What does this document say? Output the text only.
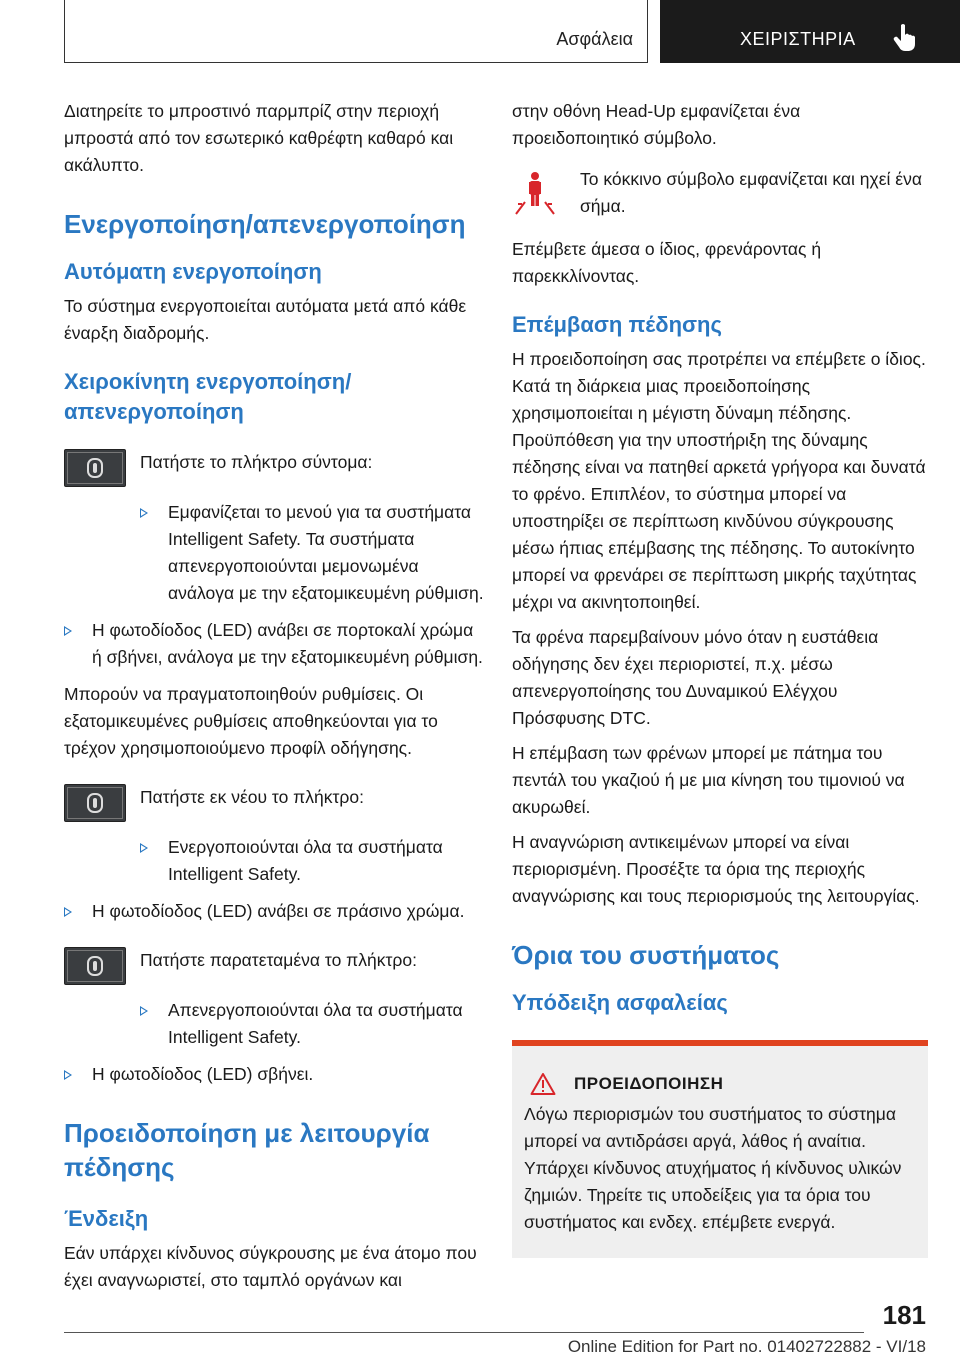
Ασφάλεια	ΧΕΙΡΙΣΤΗΡΙΑ

Διατηρείτε το μπροστινό παρμπρίζ στην περιοχή μπροστά από τον εσωτερικό καθρέφτη καθαρό και ακάλυπτο.

Ενεργοποίηση/απενεργοποίηση
Αυτόματη ενεργοποίηση

Το σύστημα ενεργοποιείται αυτόματα μετά από κάθε έναρξη διαδρομής.

Χειροκίνητη ενεργοποίηση/απενεργοποίηση

Πατήστε το πλήκτρο σύντομα:

Εμφανίζεται το μενού για τα συστήματα Intelligent Safety. Τα συστήματα απενεργοποιούνται μεμονωμένα ανάλογα με την εξατομικευμένη ρύθμιση.
Η φωτοδίοδος (LED) ανάβει σε πορτοκαλί χρώμα ή σβήνει, ανάλογα με την εξατομικευμένη ρύθμιση.

Μπορούν να πραγματοποιηθούν ρυθμίσεις. Οι εξατομικευμένες ρυθμίσεις αποθηκεύονται για το τρέχον χρησιμοποιούμενο προφίλ οδήγησης.

Πατήστε εκ νέου το πλήκτρο:

Ενεργοποιούνται όλα τα συστήματα Intelligent Safety.
Η φωτοδίοδος (LED) ανάβει σε πράσινο χρώμα.

Πατήστε παρατεταμένα το πλήκτρο:

Απενεργοποιούνται όλα τα συστήματα Intelligent Safety.
Η φωτοδίοδος (LED) σβήνει.
Προειδοποίηση με λειτουργία πέδησης
Ένδειξη

Εάν υπάρχει κίνδυνος σύγκρουσης με ένα άτομο που έχει αναγνωριστεί, στο ταμπλό οργάνων και

στην οθόνη Head-Up εμφανίζεται ένα προειδοποιητικό σύμβολο.

Το κόκκινο σύμβολο εμφανίζεται και ηχεί ένα σήμα.

Επέμβετε άμεσα ο ίδιος, φρενάροντας ή παρεκκλίνοντας.

Επέμβαση πέδησης

Η προειδοποίηση σας προτρέπει να επέμβετε ο ίδιος. Κατά τη διάρκεια μιας προειδοποίησης χρησιμοποιείται η μέγιστη δύναμη πέδησης. Προϋπόθεση για την υποστήριξη της δύναμης πέδησης είναι να πατηθεί αρκετά γρήγορα και δυνατά το φρένο. Επιπλέον, το σύστημα μπορεί να υποστηρίξει σε περίπτωση κινδύνου σύγκρουσης μέσω ήπιας επέμβασης της πέδησης. Το αυτοκίνητο μπορεί να φρενάρει σε περίπτωση μικρής ταχύτητας μέχρι να ακινητοποιηθεί.

Τα φρένα παρεμβαίνουν μόνο όταν η ευστάθεια οδήγησης δεν έχει περιοριστεί, π.χ. μέσω απενεργοποίησης του Δυναμικού Ελέγχου Πρόσφυσης DTC.

Η επέμβαση των φρένων μπορεί με πάτημα του πεντάλ του γκαζιού ή με μια κίνηση του τιμονιού να ακυρωθεί.

Η αναγνώριση αντικειμένων μπορεί να είναι περιορισμένη. Προσέξτε τα όρια της περιοχής αναγνώρισης και τους περιορισμούς της λειτουργίας.

Όρια του συστήματος
Υπόδειξη ασφαλείας
ΠΡΟΕΙΔΟΠΟΙΗΣΗ

Λόγω περιορισμών του συστήματος το σύστημα μπορεί να αντιδράσει αργά, λάθος ή αναίτια. Υπάρχει κίνδυνος ατυχήματος ή κίνδυνος υλικών ζημιών. Τηρείτε τις υποδείξεις για τα όρια του συστήματος και ενδεχ. επέμβετε ενεργά.

181
Online Edition for Part no. 01402722882 - VI/18
